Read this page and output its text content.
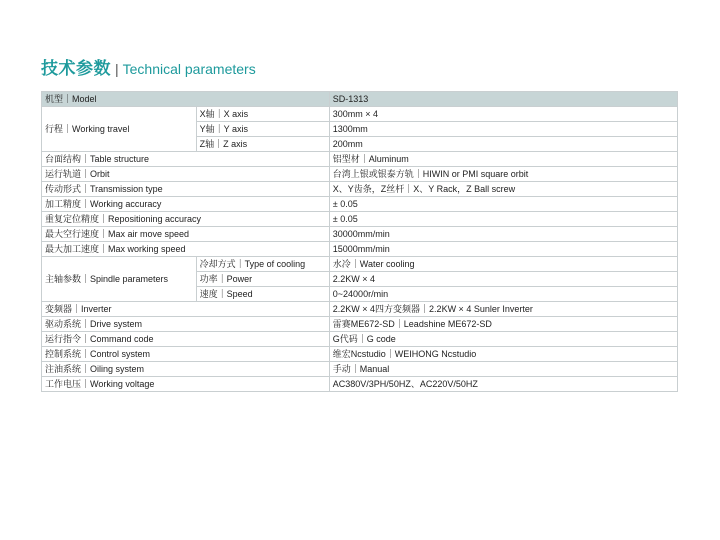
技术参数 | Technical parameters
机型｜Model		SD-1313
行程｜Working travel	X轴｜X axis	300mm × 4
	Y轴｜Y axis	1300mm
	Z轴｜Z axis	200mm
台面结构｜Table structure		铝型材｜Aluminum
运行轨道｜Orbit		台湾上银或银泰方轨｜HIWIN or PMI square orbit
传动形式｜Transmission type		X、Y齿条，Z丝杆｜X、Y Rack，Z Ball screw
加工精度｜Working accuracy		± 0.05
重复定位精度｜Repositioning accuracy		± 0.05
最大空行速度｜Max air move speed		30000mm/min
最大加工速度｜Max working speed		15000mm/min
主轴参数｜Spindle parameters	冷却方式｜Type of cooling	水冷｜Water cooling
	功率｜Power	2.2KW × 4
	速度｜Speed	0~24000r/min
变频器｜Inverter		2.2KW × 4四方变频器｜2.2KW × 4 Sunler Inverter
驱动系统｜Drive system		雷赛ME672-SD｜Leadshine ME672-SD
运行指令｜Command code		G代码｜G code
控制系统｜Control system		维宏Ncstudio｜WEIHONG Ncstudio
注油系统｜Oiling system		手动｜Manual
工作电压｜Working voltage		AC380V/3PH/50HZ、AC220V/50HZ
